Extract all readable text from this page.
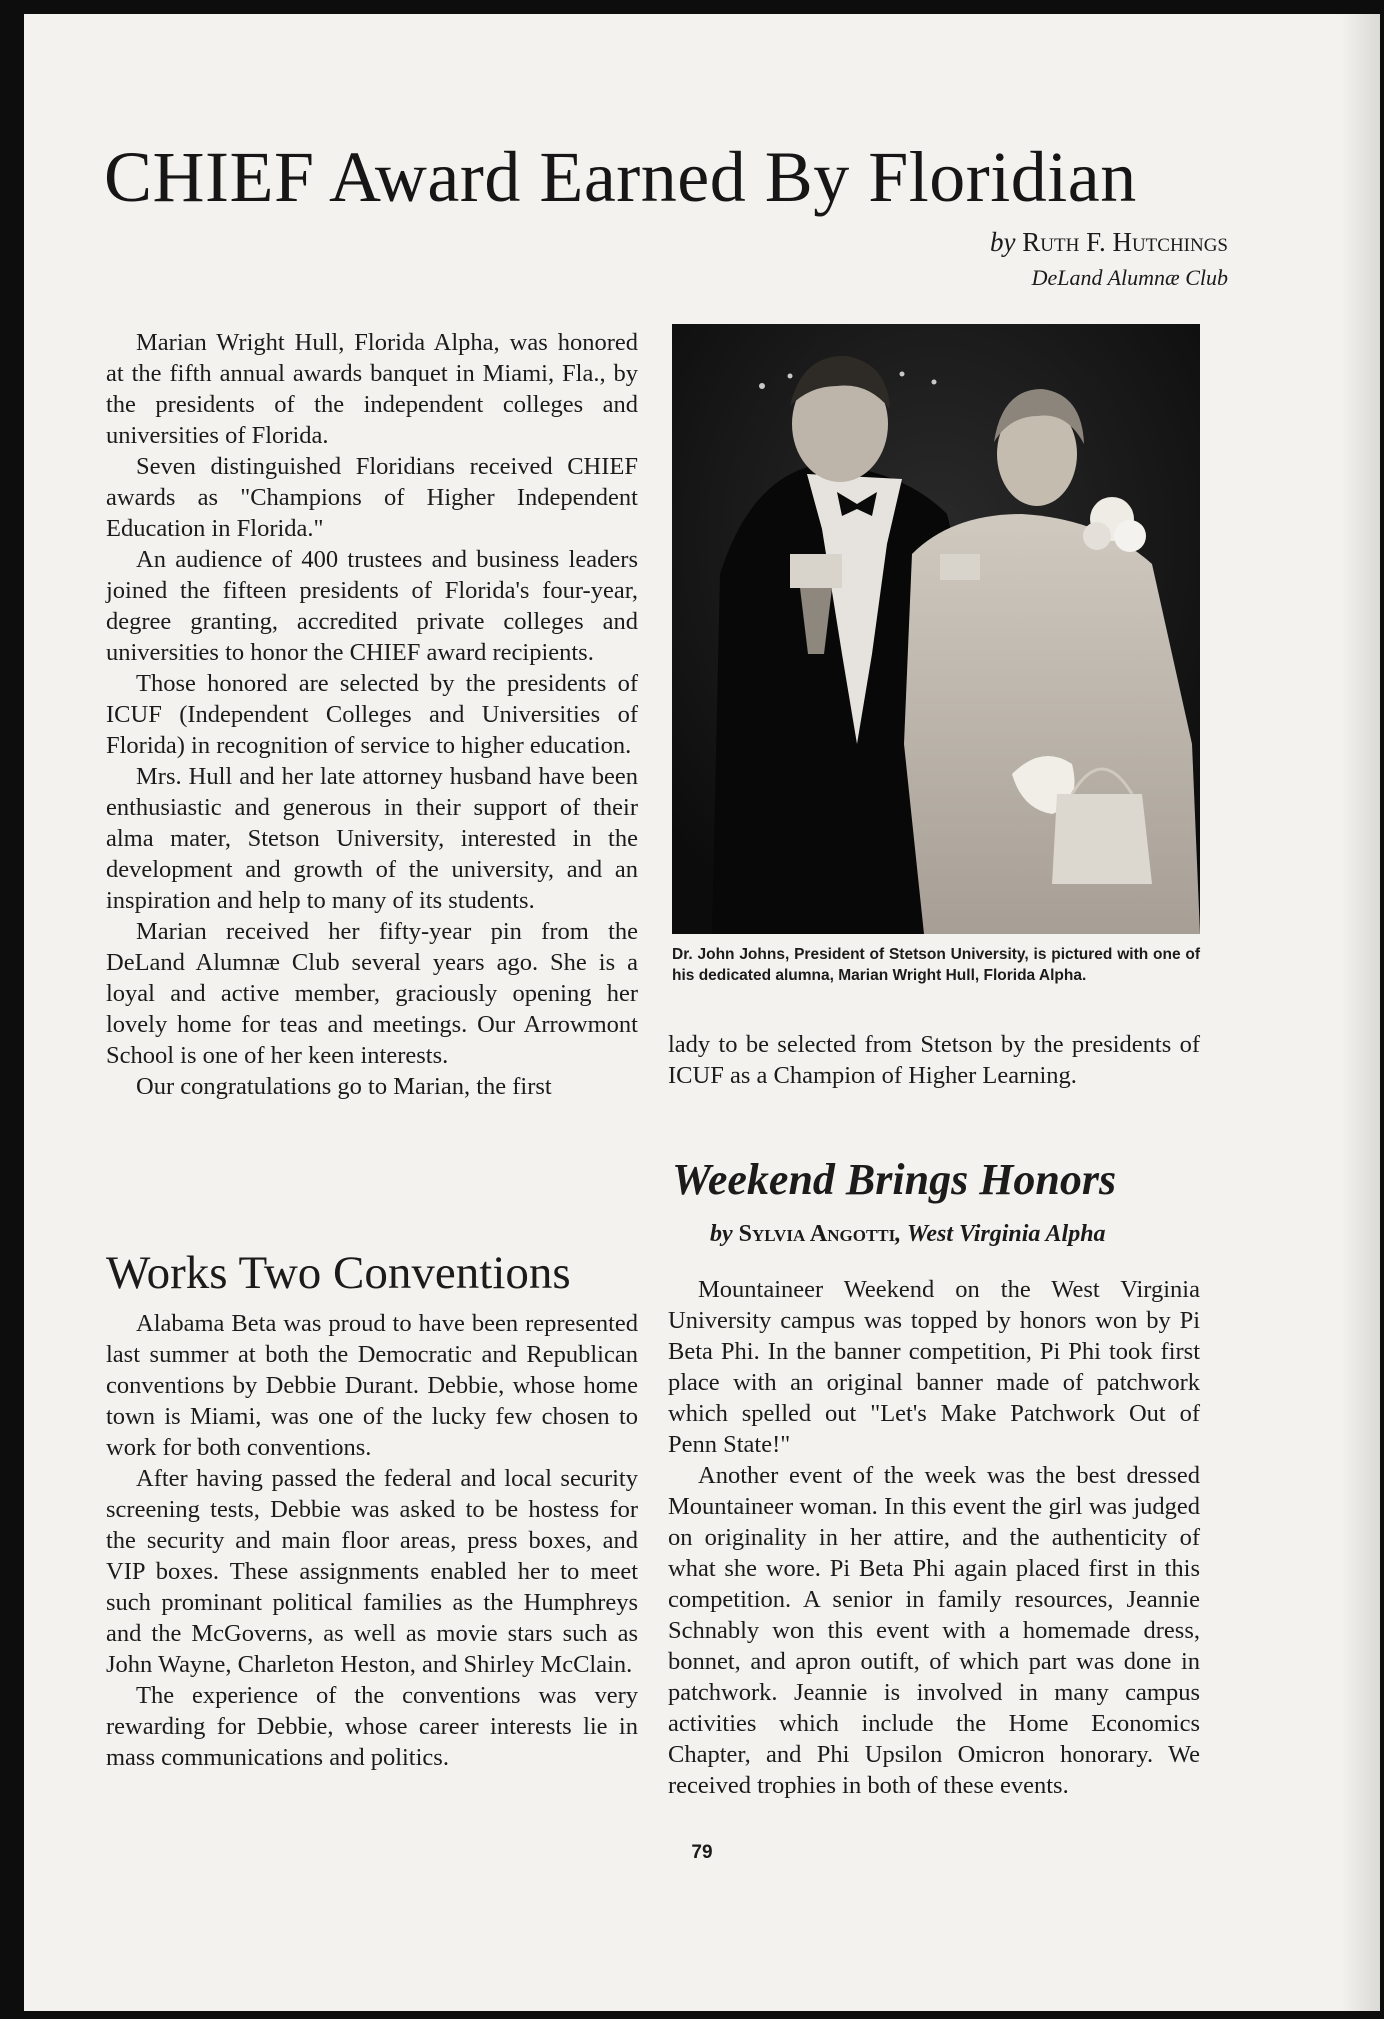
CHIEF Award Earned By Floridian
by Ruth F. Hutchings
DeLand Alumnæ Club

Marian Wright Hull, Florida Alpha, was honored at the fifth annual awards banquet in Miami, Fla., by the presidents of the independent colleges and universities of Florida.

Seven distinguished Floridians received CHIEF awards as "Champions of Higher Independent Education in Florida."

An audience of 400 trustees and business leaders joined the fifteen presidents of Florida's four-year, degree granting, accredited private colleges and universities to honor the CHIEF award recipients.

Those honored are selected by the presidents of ICUF (Independent Colleges and Universities of Florida) in recognition of service to higher education.

Mrs. Hull and her late attorney husband have been enthusiastic and generous in their support of their alma mater, Stetson University, interested in the development and growth of the university, and an inspiration and help to many of its students.

Marian received her fifty-year pin from the DeLand Alumnæ Club several years ago. She is a loyal and active member, graciously opening her lovely home for teas and meetings. Our Arrowmont School is one of her keen interests.

Our congratulations go to Marian, the first

Dr. John Johns, President of Stetson University, is pictured with one of his dedicated alumna, Marian Wright Hull, Florida Alpha.

lady to be selected from Stetson by the presidents of ICUF as a Champion of Higher Learning.

Works Two Conventions

Alabama Beta was proud to have been represented last summer at both the Democratic and Republican conventions by Debbie Durant. Debbie, whose home town is Miami, was one of the lucky few chosen to work for both conventions.

After having passed the federal and local security screening tests, Debbie was asked to be hostess for the security and main floor areas, press boxes, and VIP boxes. These assignments enabled her to meet such prominant political families as the Humphreys and the McGoverns, as well as movie stars such as John Wayne, Charleton Heston, and Shirley McClain.

The experience of the conventions was very rewarding for Debbie, whose career interests lie in mass communications and politics.

Weekend Brings Honors
by Sylvia Angotti, West Virginia Alpha

Mountaineer Weekend on the West Virginia University campus was topped by honors won by Pi Beta Phi. In the banner competition, Pi Phi took first place with an original banner made of patchwork which spelled out "Let's Make Patchwork Out of Penn State!"

Another event of the week was the best dressed Mountaineer woman. In this event the girl was judged on originality in her attire, and the authenticity of what she wore. Pi Beta Phi again placed first in this competition. A senior in family resources, Jeannie Schnably won this event with a homemade dress, bonnet, and apron outift, of which part was done in patchwork. Jeannie is involved in many campus activities which include the Home Economics Chapter, and Phi Upsilon Omicron honorary. We received trophies in both of these events.

79
